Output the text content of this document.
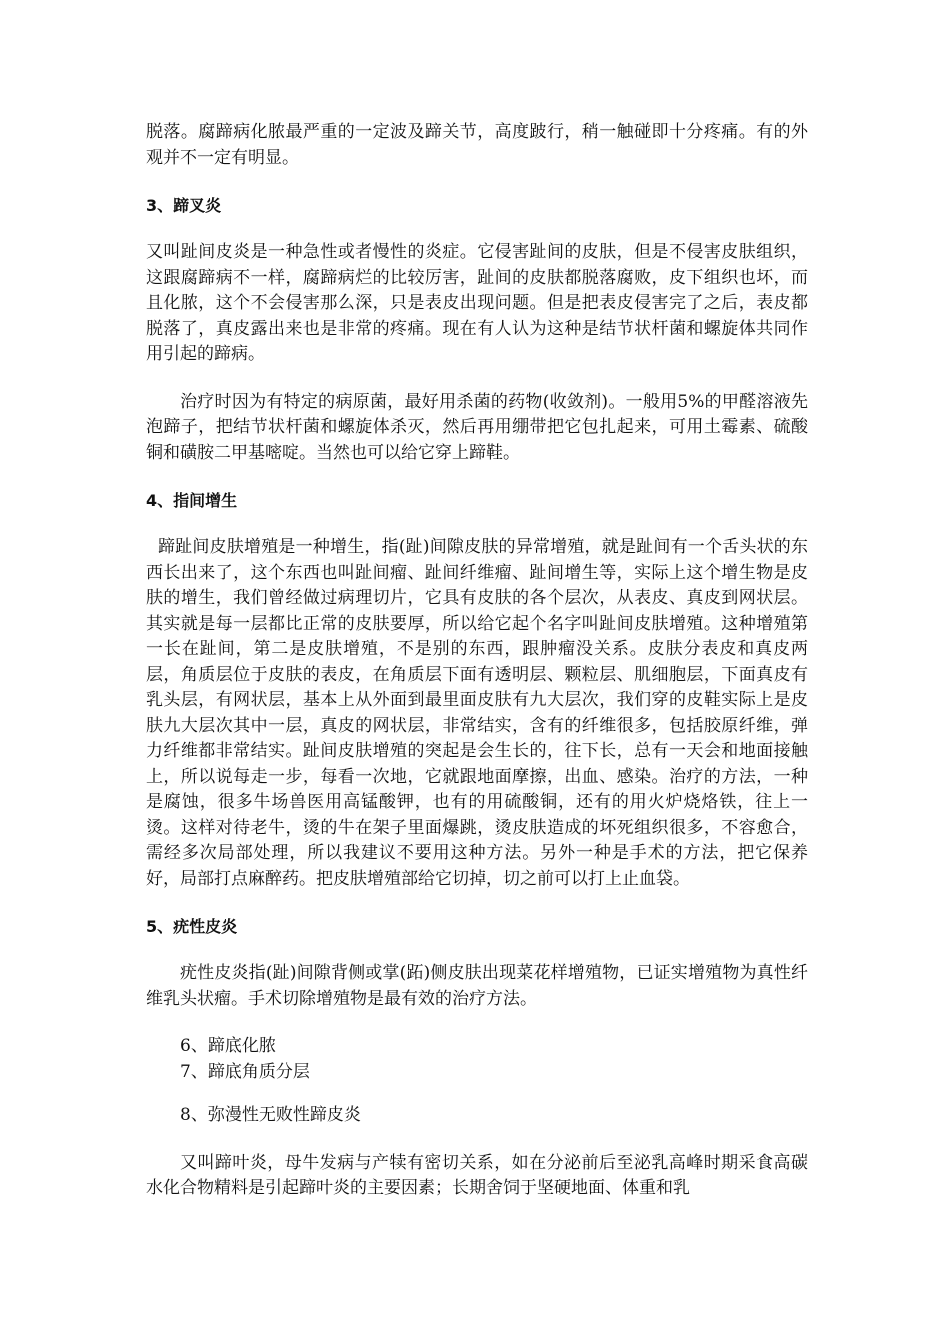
脱落。腐蹄病化脓最严重的一定波及蹄关节，高度跛行，稍一触碰即十分疼痛。有的外观并不一定有明显。

3、蹄叉炎

又叫趾间皮炎是一种急性或者慢性的炎症。它侵害趾间的皮肤，但是不侵害皮肤组织，这跟腐蹄病不一样，腐蹄病烂的比较厉害，趾间的皮肤都脱落腐败，皮下组织也坏，而且化脓，这个不会侵害那么深，只是表皮出现问题。但是把表皮侵害完了之后，表皮都脱落了，真皮露出来也是非常的疼痛。现在有人认为这种是结节状杆菌和螺旋体共同作用引起的蹄病。

治疗时因为有特定的病原菌，最好用杀菌的药物(收敛剂)。一般用5%的甲醛溶液先泡蹄子，把结节状杆菌和螺旋体杀灭，然后再用绷带把它包扎起来，可用土霉素、硫酸铜和磺胺二甲基嘧啶。当然也可以给它穿上蹄鞋。

4、指间增生

蹄趾间皮肤增殖是一种增生，指(趾)间隙皮肤的异常增殖，就是趾间有一个舌头状的东西长出来了，这个东西也叫趾间瘤、趾间纤维瘤、趾间增生等，实际上这个增生物是皮肤的增生，我们曾经做过病理切片，它具有皮肤的各个层次，从表皮、真皮到网状层。其实就是每一层都比正常的皮肤要厚，所以给它起个名字叫趾间皮肤增殖。这种增殖第一长在趾间，第二是皮肤增殖，不是别的东西，跟肿瘤没关系。皮肤分表皮和真皮两层，角质层位于皮肤的表皮，在角质层下面有透明层、颗粒层、肌细胞层，下面真皮有乳头层，有网状层，基本上从外面到最里面皮肤有九大层次，我们穿的皮鞋实际上是皮肤九大层次其中一层，真皮的网状层，非常结实，含有的纤维很多，包括胶原纤维，弹力纤维都非常结实。趾间皮肤增殖的突起是会生长的，往下长，总有一天会和地面接触上，所以说每走一步，每看一次地，它就跟地面摩擦，出血、感染。治疗的方法，一种是腐蚀，很多牛场兽医用高锰酸钾，也有的用硫酸铜，还有的用火炉烧烙铁，往上一烫。这样对待老牛，烫的牛在架子里面爆跳，烫皮肤造成的坏死组织很多，不容愈合，需经多次局部处理，所以我建议不要用这种方法。另外一种是手术的方法，把它保养好，局部打点麻醉药。把皮肤增殖部给它切掉，切之前可以打上止血袋。

5、疣性皮炎

疣性皮炎指(趾)间隙背侧或掌(跖)侧皮肤出现菜花样增殖物，已证实增殖物为真性纤维乳头状瘤。手术切除增殖物是最有效的治疗方法。

6、蹄底化脓
7、蹄底角质分层
8、弥漫性无败性蹄皮炎

又叫蹄叶炎，母牛发病与产犊有密切关系，如在分泌前后至泌乳高峰时期采食高碳水化合物精料是引起蹄叶炎的主要因素；长期舍饲于坚硬地面、体重和乳
